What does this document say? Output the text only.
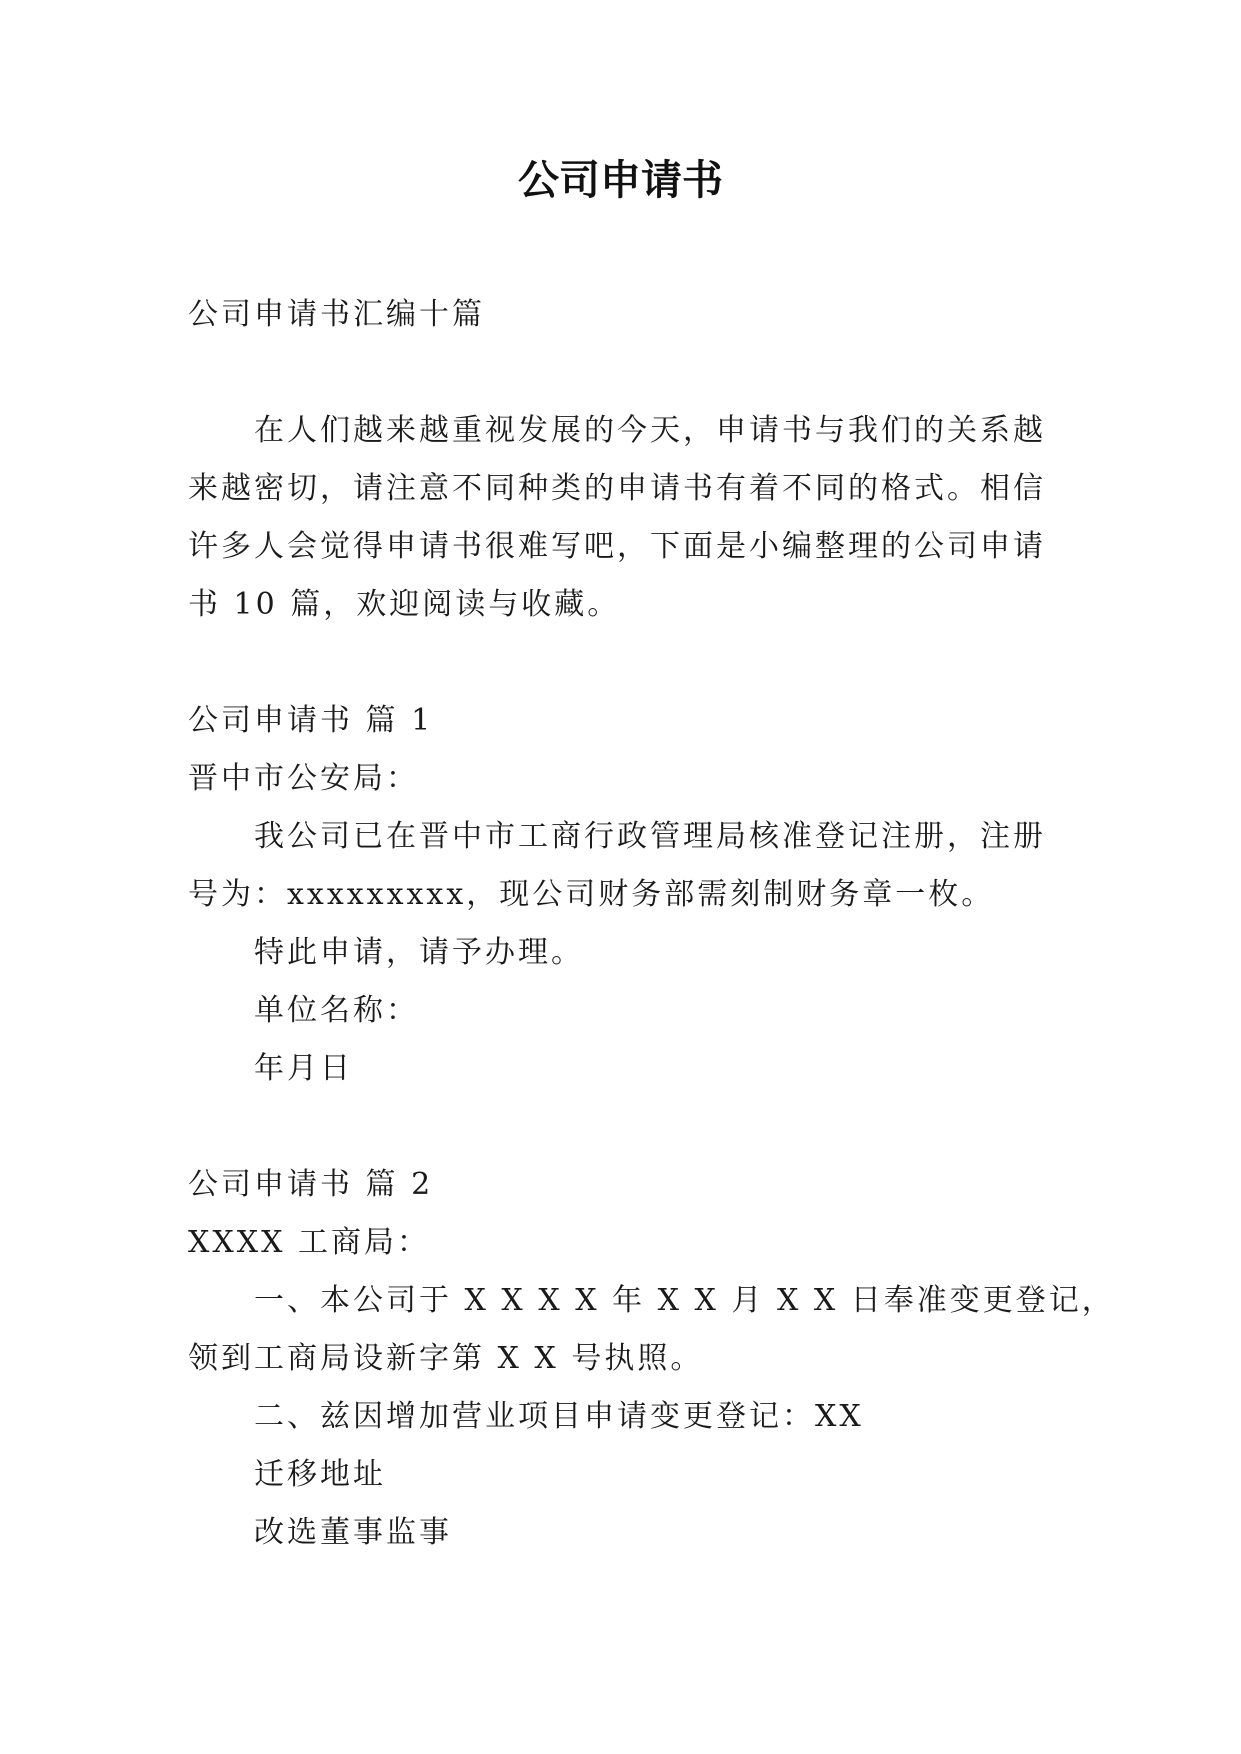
公司申请书
公司申请书汇编十篇
在人们越来越重视发展的今天，申请书与我们的关系越
来越密切，请注意不同种类的申请书有着不同的格式。相信
许多人会觉得申请书很难写吧，下面是小编整理的公司申请
书 10 篇，欢迎阅读与收藏。
公司申请书 篇 1
晋中市公安局：
我公司已在晋中市工商行政管理局核准登记注册，注册
号为：xxxxxxxxx，现公司财务部需刻制财务章一枚。
特此申请，请予办理。
单位名称：
年月日
公司申请书 篇 2
XXXX 工商局：
一、本公司于 X X X X 年 X X 月 X X 日奉准变更登记，
领到工商局设新字第 X X 号执照。
二、兹因增加营业项目申请变更登记：XX
迁移地址
改选董事监事
